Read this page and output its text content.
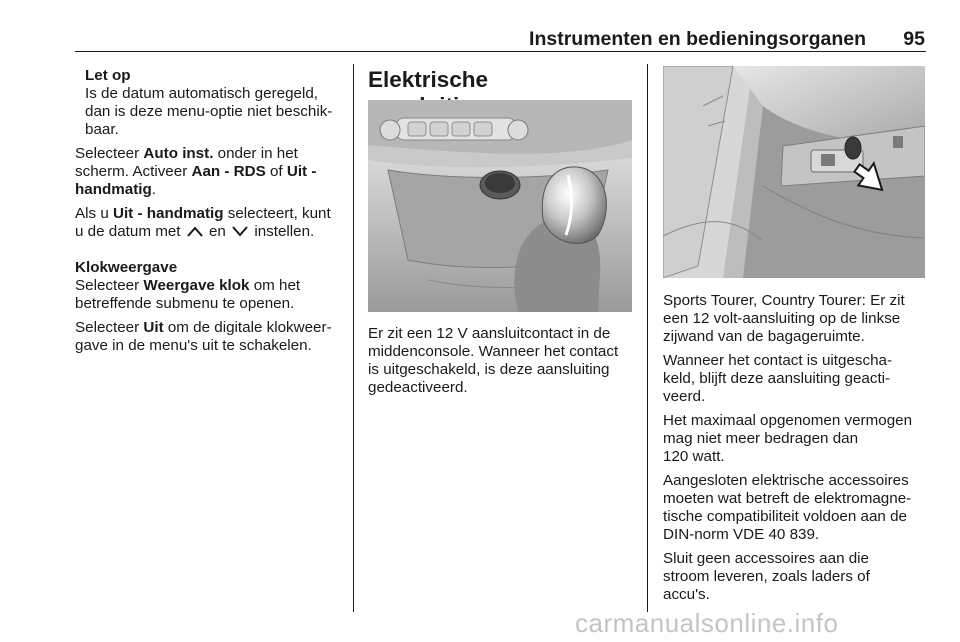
Instrumenten en bedieningsorganen	95
Let op
Is de datum automatisch geregeld,
dan is deze menu-optie niet beschik-
baar.

Selecteer Auto inst. onder in het
scherm. Activeer Aan - RDS of Uit -
handmatig.

Als u Uit - handmatig selecteert, kunt
u de datum met  en  instellen.

Klokweergave

Selecteer Weergave klok om het
betreffende submenu te openen.

Selecteer Uit om de digitale klokweer-
gave in de menu's uit te schakelen.

Elektrische

Er zit een 12 V aansluitcontact in de
middenconsole. Wanneer het contact
is uitgeschakeld, is deze aansluiting
gedeactiveerd.

Sports Tourer, Country Tourer: Er zit
een 12 volt-aansluiting op de linkse
zijwand van de bagageruimte.

Wanneer het contact is uitgescha-
keld, blijft deze aansluiting geacti-
veerd.

Het maximaal opgenomen vermogen
mag niet meer bedragen dan
120 watt.

Aangesloten elektrische accessoires
moeten wat betreft de elektromagne-
tische compatibiliteit voldoen aan de
DIN-norm VDE 40 839.

Sluit geen accessoires aan die
stroom leveren, zoals laders of
accu's.

carmanualsonline.info
